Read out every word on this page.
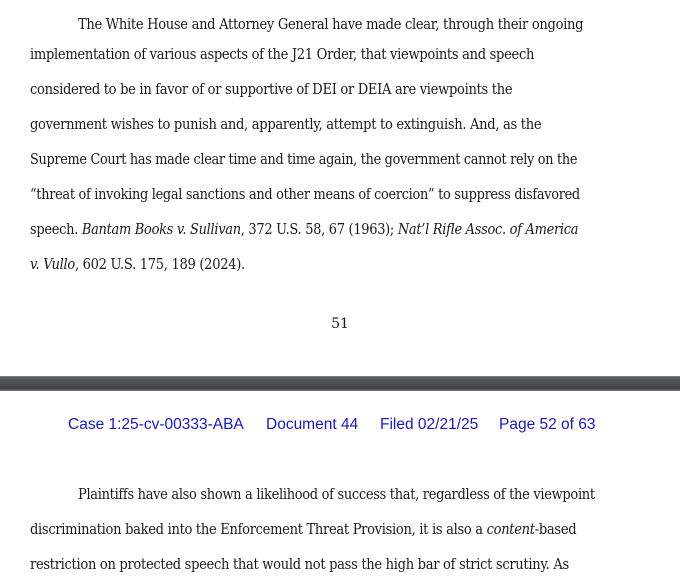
The White House and Attorney General have made clear, through their ongoing
implementation of various aspects of the J21 Order, that viewpoints and speech
considered to be in favor of or supportive of DEI or DEIA are viewpoints the
government wishes to punish and, apparently, attempt to extinguish. And, as the
Supreme Court has made clear time and time again, the government cannot rely on the
“threat of invoking legal sanctions and other means of coercion” to suppress disfavored
speech. Bantam Books v. Sullivan, 372 U.S. 58, 67 (1963); Nat’l Rifle Assoc. of America
v. Vullo, 602 U.S. 175, 189 (2024).
51
Case 1:25-cv-00333-ABA Document 44 Filed 02/21/25 Page 52 of 63
Plaintiffs have also shown a likelihood of success that, regardless of the viewpoint
discrimination baked into the Enforcement Threat Provision, it is also a content-based
restriction on protected speech that would not pass the high bar of strict scrutiny. As
